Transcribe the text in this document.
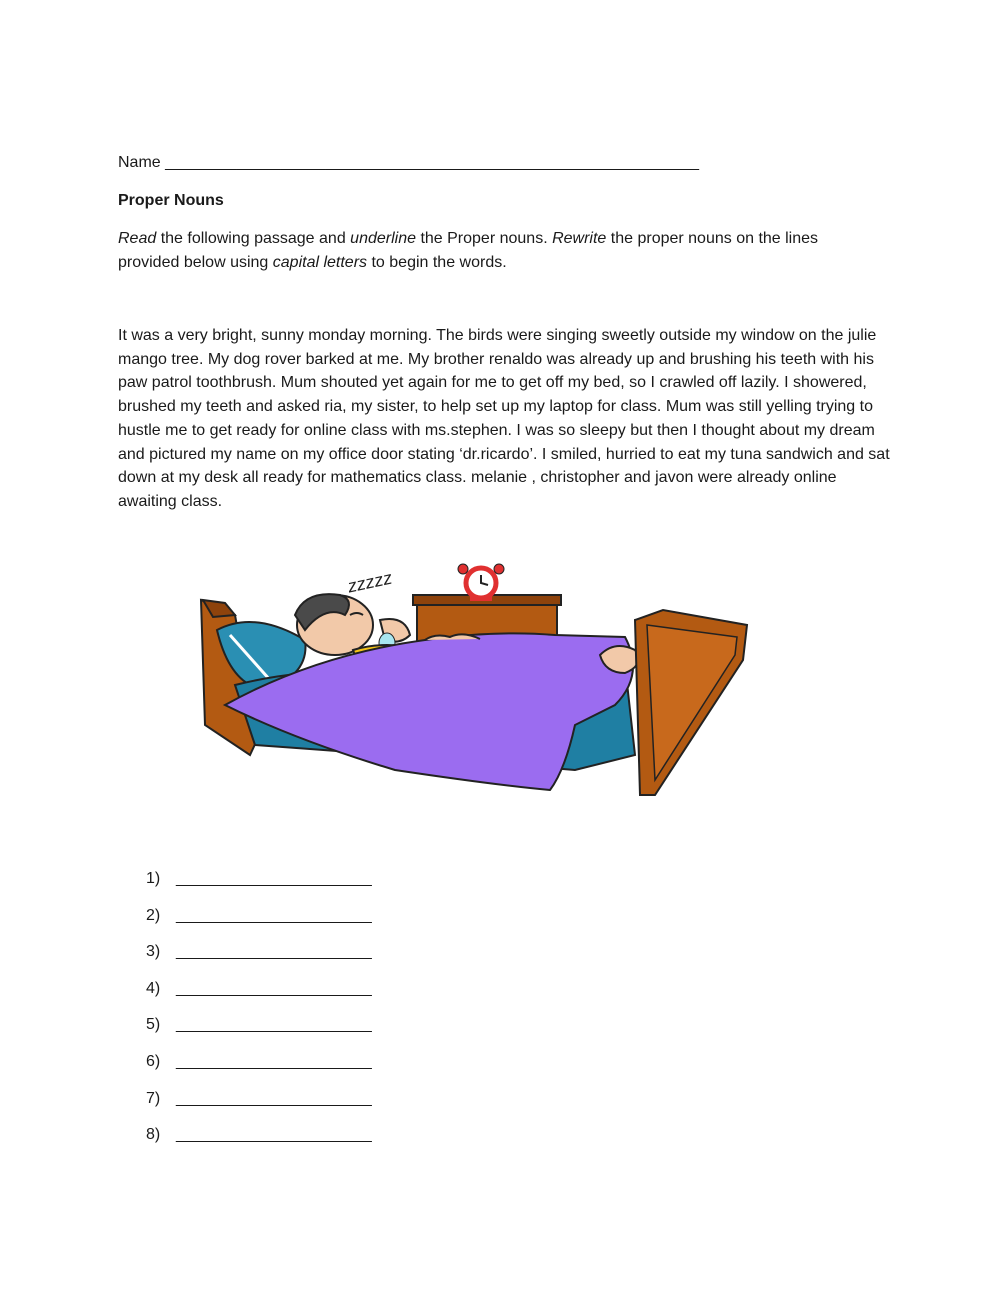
Name ____________________________________________________________
Proper Nouns
Read the following passage and underline the Proper nouns. Rewrite the proper nouns on the lines provided below using capital letters to begin the words.
It was a very bright, sunny monday morning. The birds were singing sweetly outside my window on the julie mango tree. My dog rover barked at me. My brother renaldo was already up and brushing his teeth with his paw patrol toothbrush. Mum shouted yet again for me to get off my bed, so I crawled off lazily. I showered, brushed my teeth and asked ria, my sister, to help set up my laptop for class. Mum was still yelling trying to hustle me to get ready for online class with ms.stephen. I was so sleepy but then I thought about my dream and pictured my name on my office door stating ‘dr.ricardo’. I smiled, hurried to eat my tuna sandwich and sat down at my desk all ready for mathematics class. melanie , christopher and javon were already online awaiting class.
zzzzz
1) ______________________
2) ______________________
3) ______________________
4) ______________________
5) ______________________
6) ______________________
7) ______________________
8) ______________________
